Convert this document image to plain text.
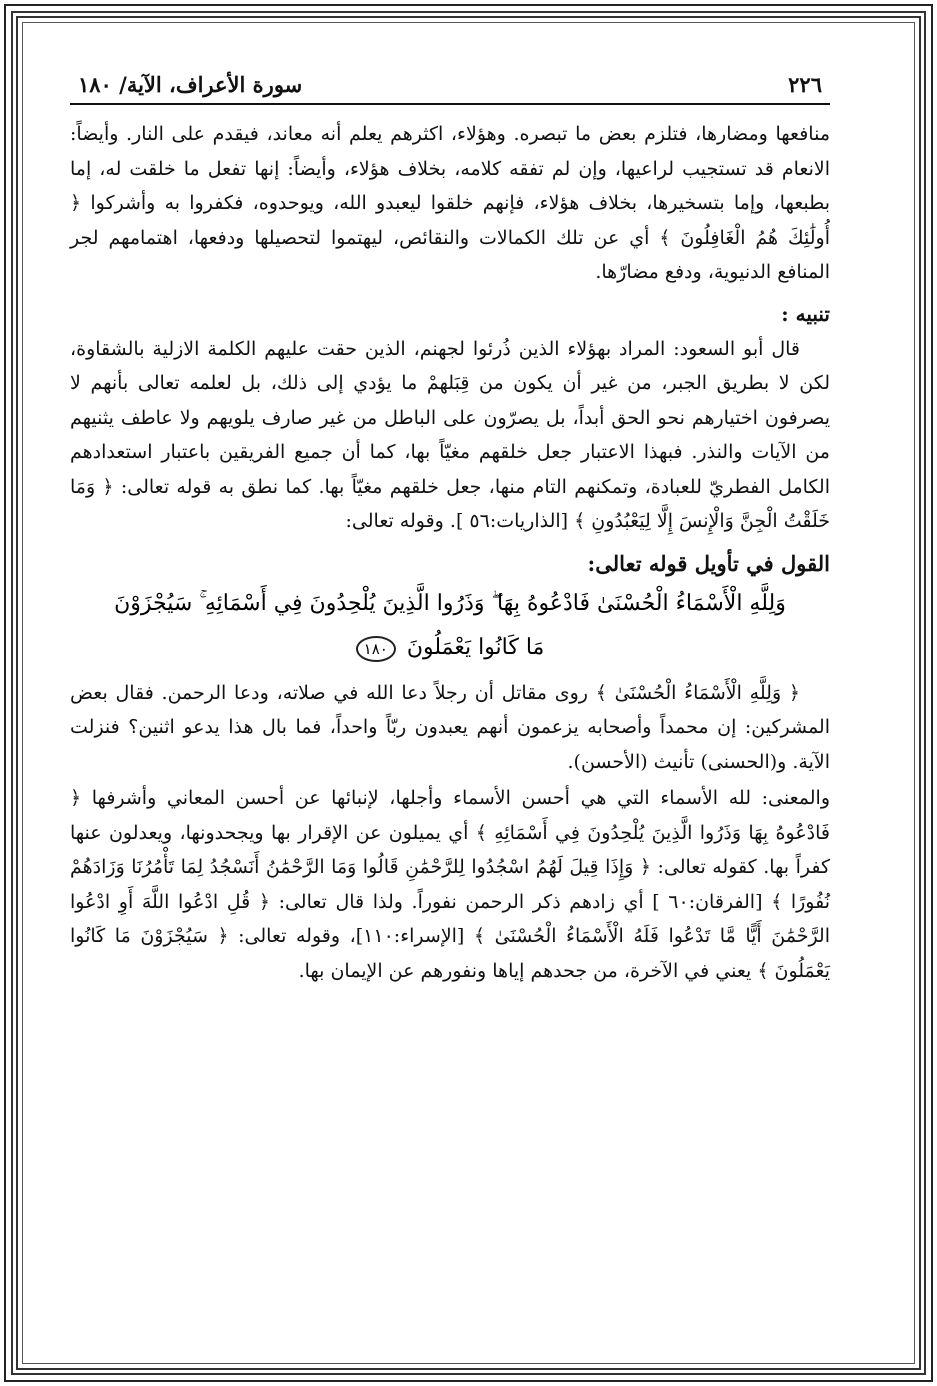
٢٢٦
سورة الأعراف، الآية/ ١٨٠

منافعها ومضارها، فتلزم بعض ما تبصره. وهؤلاء، اكثرهم يعلم أنه معاند، فيقدم على النار. وأيضاً: الانعام قد تستجيب لراعيها، وإن لم تفقه كلامه، بخلاف هؤلاء، وأيضاً: إنها تفعل ما خلقت له، إما بطبعها، وإما بتسخيرها، بخلاف هؤلاء، فإنهم خلقوا ليعبدو الله، ويوحدوه، فكفروا به وأشركوا ﴿ أُولَٰئِكَ هُمُ الْغَافِلُونَ ﴾ أي عن تلك الكمالات والنقائص، ليهتموا لتحصيلها ودفعها، اهتمامهم لجر المنافع الدنيوية، ودفع مضارّها.

تنبيه :

قال أبو السعود: المراد بهؤلاء الذين ذُرئوا لجهنم، الذين حقت عليهم الكلمة الازلية بالشقاوة، لكن لا بطريق الجبر، من غير أن يكون من قِبَلهمْ ما يؤدي إلى ذلك، بل لعلمه تعالى بأنهم لا يصرفون اختيارهم نحو الحق أبداً، بل يصرّون على الباطل من غير صارف يلويهم ولا عاطف يثنيهم من الآيات والنذر. فبهذا الاعتبار جعل خلقهم مغيّاً بها، كما أن جميع الفريقين باعتبار استعدادهم الكامل الفطريّ للعبادة، وتمكنهم التام منها، جعل خلقهم مغيّاً بها. كما نطق به قوله تعالى: ﴿ وَمَا خَلَقْتُ الْجِنَّ وَالْإِنسَ إِلَّا لِيَعْبُدُونِ ﴾ [الذاريات:٥٦ ]. وقوله تعالى:

القول في تأويل قوله تعالى:
وَلِلَّهِ الْأَسْمَاءُ الْحُسْنَىٰ فَادْعُوهُ بِهَا ۖ وَذَرُوا الَّذِينَ يُلْحِدُونَ فِي أَسْمَائِهِ ۚ سَيُجْزَوْنَ
مَا كَانُوا يَعْمَلُونَ ١٨٠

﴿ وَلِلَّهِ الْأَسْمَاءُ الْحُسْنَىٰ ﴾ روى مقاتل أن رجلاً دعا الله في صلاته، ودعا الرحمن. فقال بعض المشركين: إن محمداً وأصحابه يزعمون أنهم يعبدون ربّاً واحداً، فما بال هذا يدعو اثنين؟ فنزلت الآية. و(الحسنى) تأنيث (الأحسن).

والمعنى: لله الأسماء التي هي أحسن الأسماء وأجلها، لإنبائها عن أحسن المعاني وأشرفها ﴿ فَادْعُوهُ بِهَا وَذَرُوا الَّذِينَ يُلْحِدُونَ فِي أَسْمَائِهِ ﴾ أي يميلون عن الإقرار بها ويجحدونها، ويعدلون عنها كفراً بها. كقوله تعالى: ﴿ وَإِذَا قِيلَ لَهُمُ اسْجُدُوا لِلرَّحْمَٰنِ قَالُوا وَمَا الرَّحْمَٰنُ أَنَسْجُدُ لِمَا تَأْمُرُنَا وَزَادَهُمْ نُفُورًا ﴾ [الفرقان:٦٠ ] أي زادهم ذكر الرحمن نفوراً. ولذا قال تعالى: ﴿ قُلِ ادْعُوا اللَّهَ أَوِ ادْعُوا الرَّحْمَٰنَ أَيًّا مَّا تَدْعُوا فَلَهُ الْأَسْمَاءُ الْحُسْنَىٰ ﴾ [الإسراء:١١٠]، وقوله تعالى: ﴿ سَيُجْزَوْنَ مَا كَانُوا يَعْمَلُونَ ﴾ يعني في الآخرة، من جحدهم إياها ونفورهم عن الإيمان بها.
